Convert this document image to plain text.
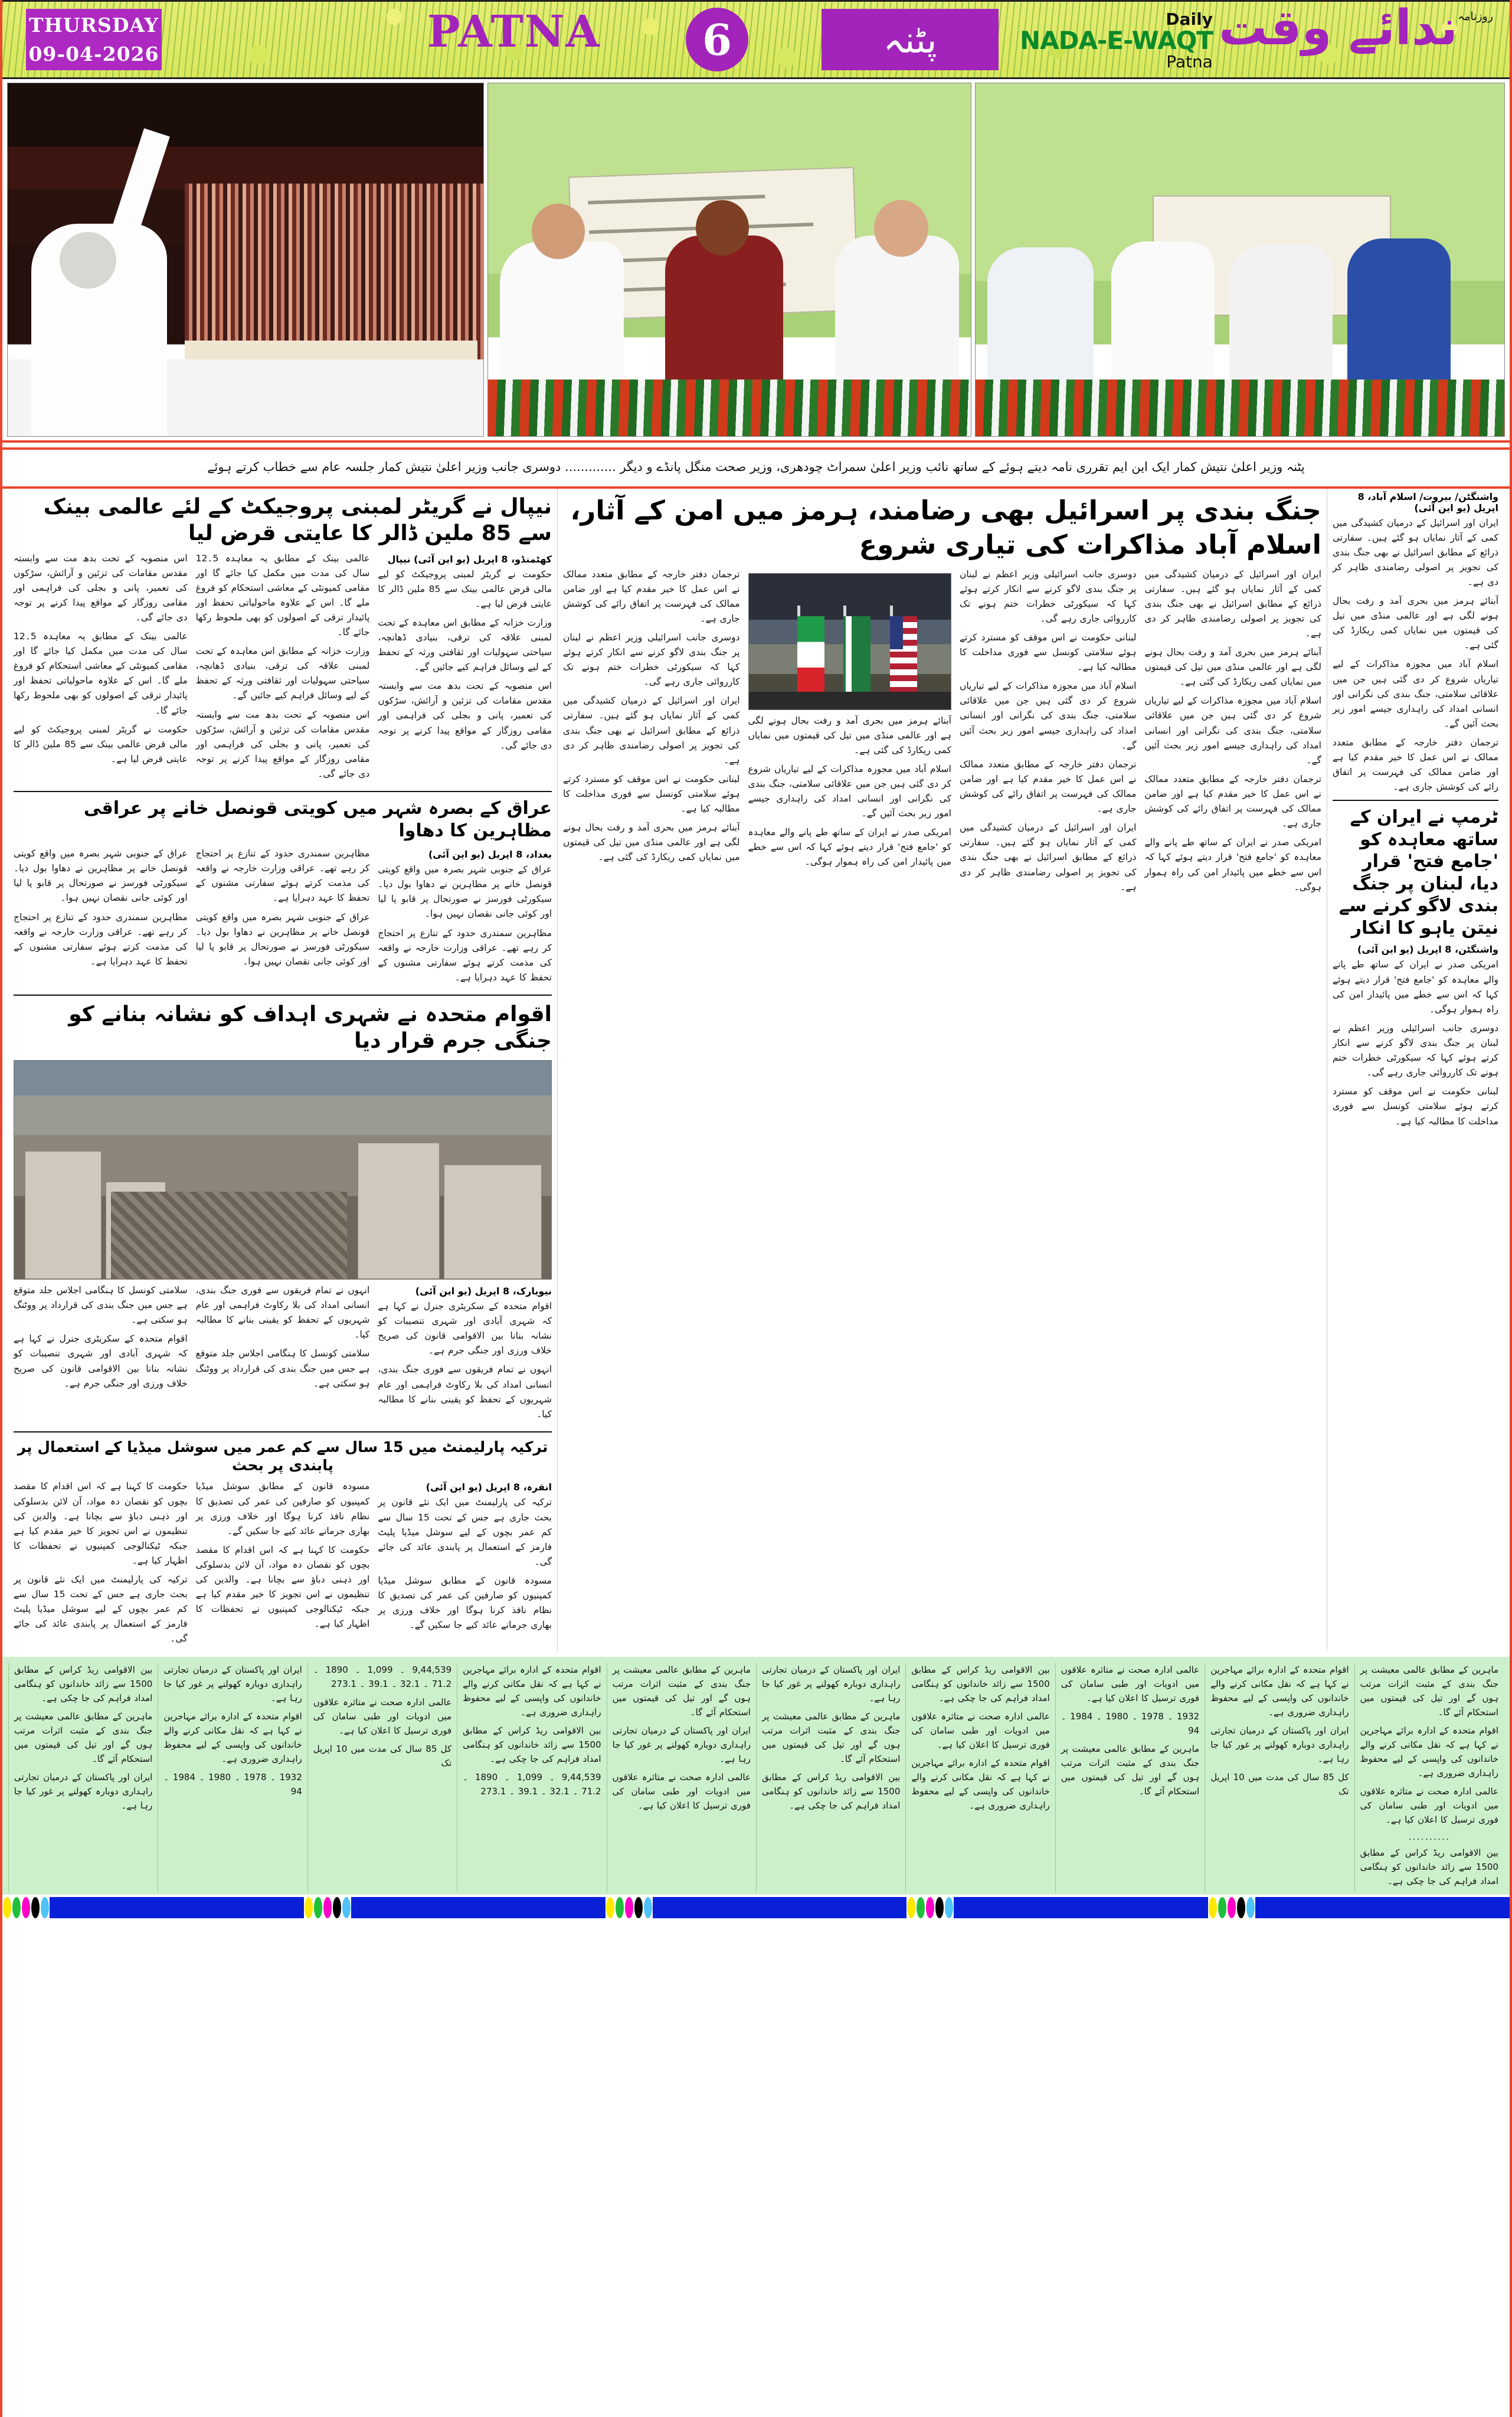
THURSDAY
09-04-2026	PATNA	6	پٹنہ	Daily
NADA-E-WAQT
Patna
ندائے وقت روزنامہ
پٹنہ وزیر اعلیٰ نتیش کمار ایک این ایم تقرری نامہ دیتے ہوئے کے ساتھ نائب وزیر اعلیٰ سمراٹ چودھری، وزیر صحت منگل پانڈے و دیگر ............. دوسری جانب وزیر اعلیٰ نتیش کمار جلسہ عام سے خطاب کرتے ہوئے
واشنگٹن/ بیروت/ اسلام آباد، 8 اپریل (یو این آئی)

ایران اور اسرائیل کے درمیان کشیدگی میں کمی کے آثار نمایاں ہو گئے ہیں۔ سفارتی ذرائع کے مطابق اسرائیل نے بھی جنگ بندی کی تجویز پر اصولی رضامندی ظاہر کر دی ہے۔

آبنائے ہرمز میں بحری آمد و رفت بحال ہونے لگی ہے اور عالمی منڈی میں تیل کی قیمتوں میں نمایاں کمی ریکارڈ کی گئی ہے۔

اسلام آباد میں مجوزہ مذاکرات کے لیے تیاریاں شروع کر دی گئی ہیں جن میں علاقائی سلامتی، جنگ بندی کی نگرانی اور انسانی امداد کی راہداری جیسے امور زیر بحث آئیں گے۔

ترجمان دفتر خارجہ کے مطابق متعدد ممالک نے اس عمل کا خیر مقدم کیا ہے اور ضامن ممالک کی فہرست پر اتفاق رائے کی کوشش جاری ہے۔

ٹرمپ نے ایران کے ساتھ معاہدہ کو 'جامع فتح' قرار دیا، لبنان پر جنگ بندی لاگو کرنے سے نیتن یاہو کا انکار
واشنگٹن، 8 اپریل (یو این آئی)

امریکی صدر نے ایران کے ساتھ طے پانے والے معاہدہ کو 'جامع فتح' قرار دیتے ہوئے کہا کہ اس سے خطے میں پائیدار امن کی راہ ہموار ہوگی۔

دوسری جانب اسرائیلی وزیر اعظم نے لبنان پر جنگ بندی لاگو کرنے سے انکار کرتے ہوئے کہا کہ سیکورٹی خطرات ختم ہونے تک کارروائی جاری رہے گی۔

لبنانی حکومت نے اس موقف کو مسترد کرتے ہوئے سلامتی کونسل سے فوری مداخلت کا مطالبہ کیا ہے۔

جنگ بندی پر اسرائیل بھی رضامند، ہرمز میں امن کے آثار، اسلام آباد مذاکرات کی تیاری شروع

ایران اور اسرائیل کے درمیان کشیدگی میں کمی کے آثار نمایاں ہو گئے ہیں۔ سفارتی ذرائع کے مطابق اسرائیل نے بھی جنگ بندی کی تجویز پر اصولی رضامندی ظاہر کر دی ہے۔

آبنائے ہرمز میں بحری آمد و رفت بحال ہونے لگی ہے اور عالمی منڈی میں تیل کی قیمتوں میں نمایاں کمی ریکارڈ کی گئی ہے۔

اسلام آباد میں مجوزہ مذاکرات کے لیے تیاریاں شروع کر دی گئی ہیں جن میں علاقائی سلامتی، جنگ بندی کی نگرانی اور انسانی امداد کی راہداری جیسے امور زیر بحث آئیں گے۔

ترجمان دفتر خارجہ کے مطابق متعدد ممالک نے اس عمل کا خیر مقدم کیا ہے اور ضامن ممالک کی فہرست پر اتفاق رائے کی کوشش جاری ہے۔

امریکی صدر نے ایران کے ساتھ طے پانے والے معاہدہ کو 'جامع فتح' قرار دیتے ہوئے کہا کہ اس سے خطے میں پائیدار امن کی راہ ہموار ہوگی۔

دوسری جانب اسرائیلی وزیر اعظم نے لبنان پر جنگ بندی لاگو کرنے سے انکار کرتے ہوئے کہا کہ سیکورٹی خطرات ختم ہونے تک کارروائی جاری رہے گی۔

لبنانی حکومت نے اس موقف کو مسترد کرتے ہوئے سلامتی کونسل سے فوری مداخلت کا مطالبہ کیا ہے۔

اسلام آباد میں مجوزہ مذاکرات کے لیے تیاریاں شروع کر دی گئی ہیں جن میں علاقائی سلامتی، جنگ بندی کی نگرانی اور انسانی امداد کی راہداری جیسے امور زیر بحث آئیں گے۔

ترجمان دفتر خارجہ کے مطابق متعدد ممالک نے اس عمل کا خیر مقدم کیا ہے اور ضامن ممالک کی فہرست پر اتفاق رائے کی کوشش جاری ہے۔

ایران اور اسرائیل کے درمیان کشیدگی میں کمی کے آثار نمایاں ہو گئے ہیں۔ سفارتی ذرائع کے مطابق اسرائیل نے بھی جنگ بندی کی تجویز پر اصولی رضامندی ظاہر کر دی ہے۔

آبنائے ہرمز میں بحری آمد و رفت بحال ہونے لگی ہے اور عالمی منڈی میں تیل کی قیمتوں میں نمایاں کمی ریکارڈ کی گئی ہے۔

اسلام آباد میں مجوزہ مذاکرات کے لیے تیاریاں شروع کر دی گئی ہیں جن میں علاقائی سلامتی، جنگ بندی کی نگرانی اور انسانی امداد کی راہداری جیسے امور زیر بحث آئیں گے۔

امریکی صدر نے ایران کے ساتھ طے پانے والے معاہدہ کو 'جامع فتح' قرار دیتے ہوئے کہا کہ اس سے خطے میں پائیدار امن کی راہ ہموار ہوگی۔

ترجمان دفتر خارجہ کے مطابق متعدد ممالک نے اس عمل کا خیر مقدم کیا ہے اور ضامن ممالک کی فہرست پر اتفاق رائے کی کوشش جاری ہے۔

دوسری جانب اسرائیلی وزیر اعظم نے لبنان پر جنگ بندی لاگو کرنے سے انکار کرتے ہوئے کہا کہ سیکورٹی خطرات ختم ہونے تک کارروائی جاری رہے گی۔

ایران اور اسرائیل کے درمیان کشیدگی میں کمی کے آثار نمایاں ہو گئے ہیں۔ سفارتی ذرائع کے مطابق اسرائیل نے بھی جنگ بندی کی تجویز پر اصولی رضامندی ظاہر کر دی ہے۔

لبنانی حکومت نے اس موقف کو مسترد کرتے ہوئے سلامتی کونسل سے فوری مداخلت کا مطالبہ کیا ہے۔

آبنائے ہرمز میں بحری آمد و رفت بحال ہونے لگی ہے اور عالمی منڈی میں تیل کی قیمتوں میں نمایاں کمی ریکارڈ کی گئی ہے۔

نیپال نے گریٹر لمبنی پروجیکٹ کے لئے عالمی بینک سے 85 ملین ڈالر کا عایتی قرض لیا
کھٹمنڈو، 8 اپریل (یو این آئی) نیپال

حکومت نے گریٹر لمبنی پروجیکٹ کو لیے مالی قرض عالمی بینک سے 85 ملین ڈالر کا عایتی قرض لیا ہے۔

وزارت خزانہ کے مطابق اس معاہدہ کے تحت لمبنی علاقہ کی ترقی، بنیادی ڈھانچہ، سیاحتی سہولیات اور ثقافتی ورثہ کے تحفظ کے لیے وسائل فراہم کیے جائیں گے۔

اس منصوبہ کے تحت بدھ مت سے وابستہ مقدس مقامات کی تزئین و آرائش، سڑکوں کی تعمیر، پانی و بجلی کی فراہمی اور مقامی روزگار کے مواقع پیدا کرنے پر توجہ دی جائے گی۔

عالمی بینک کے مطابق یہ معاہدہ 5۔12 سال کی مدت میں مکمل کیا جائے گا اور مقامی کمیونٹی کے معاشی استحکام کو فروغ ملے گا۔ اس کے علاوہ ماحولیاتی تحفظ اور پائیدار ترقی کے اصولوں کو بھی ملحوظ رکھا جائے گا۔

وزارت خزانہ کے مطابق اس معاہدہ کے تحت لمبنی علاقہ کی ترقی، بنیادی ڈھانچہ، سیاحتی سہولیات اور ثقافتی ورثہ کے تحفظ کے لیے وسائل فراہم کیے جائیں گے۔

اس منصوبہ کے تحت بدھ مت سے وابستہ مقدس مقامات کی تزئین و آرائش، سڑکوں کی تعمیر، پانی و بجلی کی فراہمی اور مقامی روزگار کے مواقع پیدا کرنے پر توجہ دی جائے گی۔

اس منصوبہ کے تحت بدھ مت سے وابستہ مقدس مقامات کی تزئین و آرائش، سڑکوں کی تعمیر، پانی و بجلی کی فراہمی اور مقامی روزگار کے مواقع پیدا کرنے پر توجہ دی جائے گی۔

عالمی بینک کے مطابق یہ معاہدہ 5۔12 سال کی مدت میں مکمل کیا جائے گا اور مقامی کمیونٹی کے معاشی استحکام کو فروغ ملے گا۔ اس کے علاوہ ماحولیاتی تحفظ اور پائیدار ترقی کے اصولوں کو بھی ملحوظ رکھا جائے گا۔

حکومت نے گریٹر لمبنی پروجیکٹ کو لیے مالی قرض عالمی بینک سے 85 ملین ڈالر کا عایتی قرض لیا ہے۔

عراق کے بصرہ شہر میں کویتی قونصل خانے پر عراقی مظاہرین کا دھاوا
بغداد، 8 اپریل (یو این آئی)

عراق کے جنوبی شہر بصرہ میں واقع کویتی قونصل خانے پر مظاہرین نے دھاوا بول دیا۔ سیکورٹی فورسز نے صورتحال پر قابو پا لیا اور کوئی جانی نقصان نہیں ہوا۔

مظاہرین سمندری حدود کے تنازع پر احتجاج کر رہے تھے۔ عراقی وزارت خارجہ نے واقعہ کی مذمت کرتے ہوئے سفارتی مشنوں کے تحفظ کا عہد دہرایا ہے۔

مظاہرین سمندری حدود کے تنازع پر احتجاج کر رہے تھے۔ عراقی وزارت خارجہ نے واقعہ کی مذمت کرتے ہوئے سفارتی مشنوں کے تحفظ کا عہد دہرایا ہے۔

عراق کے جنوبی شہر بصرہ میں واقع کویتی قونصل خانے پر مظاہرین نے دھاوا بول دیا۔ سیکورٹی فورسز نے صورتحال پر قابو پا لیا اور کوئی جانی نقصان نہیں ہوا۔

عراق کے جنوبی شہر بصرہ میں واقع کویتی قونصل خانے پر مظاہرین نے دھاوا بول دیا۔ سیکورٹی فورسز نے صورتحال پر قابو پا لیا اور کوئی جانی نقصان نہیں ہوا۔

مظاہرین سمندری حدود کے تنازع پر احتجاج کر رہے تھے۔ عراقی وزارت خارجہ نے واقعہ کی مذمت کرتے ہوئے سفارتی مشنوں کے تحفظ کا عہد دہرایا ہے۔

اقوام متحدہ نے شہری اہداف کو نشانہ بنانے کو جنگی جرم قرار دیا
نیویارک، 8 اپریل (یو این آئی)

اقوام متحدہ کے سکریٹری جنرل نے کہا ہے کہ شہری آبادی اور شہری تنصیبات کو نشانہ بنانا بین الاقوامی قانون کی صریح خلاف ورزی اور جنگی جرم ہے۔

انہوں نے تمام فریقوں سے فوری جنگ بندی، انسانی امداد کی بلا رکاوٹ فراہمی اور عام شہریوں کے تحفظ کو یقینی بنانے کا مطالبہ کیا۔

انہوں نے تمام فریقوں سے فوری جنگ بندی، انسانی امداد کی بلا رکاوٹ فراہمی اور عام شہریوں کے تحفظ کو یقینی بنانے کا مطالبہ کیا۔

سلامتی کونسل کا ہنگامی اجلاس جلد متوقع ہے جس میں جنگ بندی کی قرارداد پر ووٹنگ ہو سکتی ہے۔

سلامتی کونسل کا ہنگامی اجلاس جلد متوقع ہے جس میں جنگ بندی کی قرارداد پر ووٹنگ ہو سکتی ہے۔

اقوام متحدہ کے سکریٹری جنرل نے کہا ہے کہ شہری آبادی اور شہری تنصیبات کو نشانہ بنانا بین الاقوامی قانون کی صریح خلاف ورزی اور جنگی جرم ہے۔

ترکیہ پارلیمنٹ میں 15 سال سے کم عمر میں سوشل میڈیا کے استعمال پر پابندی پر بحث
انقرہ، 8 اپریل (یو این آئی)

ترکیہ کی پارلیمنٹ میں ایک نئے قانون پر بحث جاری ہے جس کے تحت 15 سال سے کم عمر بچوں کے لیے سوشل میڈیا پلیٹ فارمز کے استعمال پر پابندی عائد کی جائے گی۔

مسودہ قانون کے مطابق سوشل میڈیا کمپنیوں کو صارفین کی عمر کی تصدیق کا نظام نافذ کرنا ہوگا اور خلاف ورزی پر بھاری جرمانے عائد کیے جا سکیں گے۔

مسودہ قانون کے مطابق سوشل میڈیا کمپنیوں کو صارفین کی عمر کی تصدیق کا نظام نافذ کرنا ہوگا اور خلاف ورزی پر بھاری جرمانے عائد کیے جا سکیں گے۔

حکومت کا کہنا ہے کہ اس اقدام کا مقصد بچوں کو نقصان دہ مواد، آن لائن بدسلوکی اور ذہنی دباؤ سے بچانا ہے۔ والدین کی تنظیموں نے اس تجویز کا خیر مقدم کیا ہے جبکہ ٹیکنالوجی کمپنیوں نے تحفظات کا اظہار کیا ہے۔

حکومت کا کہنا ہے کہ اس اقدام کا مقصد بچوں کو نقصان دہ مواد، آن لائن بدسلوکی اور ذہنی دباؤ سے بچانا ہے۔ والدین کی تنظیموں نے اس تجویز کا خیر مقدم کیا ہے جبکہ ٹیکنالوجی کمپنیوں نے تحفظات کا اظہار کیا ہے۔

ترکیہ کی پارلیمنٹ میں ایک نئے قانون پر بحث جاری ہے جس کے تحت 15 سال سے کم عمر بچوں کے لیے سوشل میڈیا پلیٹ فارمز کے استعمال پر پابندی عائد کی جائے گی۔

ماہرین کے مطابق عالمی معیشت پر جنگ بندی کے مثبت اثرات مرتب ہوں گے اور تیل کی قیمتوں میں استحکام آئے گا۔

اقوام متحدہ کے ادارہ برائے مہاجرین نے کہا ہے کہ نقل مکانی کرنے والے خاندانوں کی واپسی کے لیے محفوظ راہداری ضروری ہے۔

عالمی ادارہ صحت نے متاثرہ علاقوں میں ادویات اور طبی سامان کی فوری ترسیل کا اعلان کیا ہے۔

..........

بین الاقوامی ریڈ کراس کے مطابق 1500 سے زائد خاندانوں کو ہنگامی امداد فراہم کی جا چکی ہے۔

اقوام متحدہ کے ادارہ برائے مہاجرین نے کہا ہے کہ نقل مکانی کرنے والے خاندانوں کی واپسی کے لیے محفوظ راہداری ضروری ہے۔

ایران اور پاکستان کے درمیان تجارتی راہداری دوبارہ کھولنے پر غور کیا جا رہا ہے۔

کل 85 سال کی مدت میں 10 اپریل تک

عالمی ادارہ صحت نے متاثرہ علاقوں میں ادویات اور طبی سامان کی فوری ترسیل کا اعلان کیا ہے۔

1932 ۔ 1978 ۔ 1980 ۔ 1984 ۔ 94

ماہرین کے مطابق عالمی معیشت پر جنگ بندی کے مثبت اثرات مرتب ہوں گے اور تیل کی قیمتوں میں استحکام آئے گا۔

بین الاقوامی ریڈ کراس کے مطابق 1500 سے زائد خاندانوں کو ہنگامی امداد فراہم کی جا چکی ہے۔

عالمی ادارہ صحت نے متاثرہ علاقوں میں ادویات اور طبی سامان کی فوری ترسیل کا اعلان کیا ہے۔

اقوام متحدہ کے ادارہ برائے مہاجرین نے کہا ہے کہ نقل مکانی کرنے والے خاندانوں کی واپسی کے لیے محفوظ راہداری ضروری ہے۔

ایران اور پاکستان کے درمیان تجارتی راہداری دوبارہ کھولنے پر غور کیا جا رہا ہے۔

ماہرین کے مطابق عالمی معیشت پر جنگ بندی کے مثبت اثرات مرتب ہوں گے اور تیل کی قیمتوں میں استحکام آئے گا۔

بین الاقوامی ریڈ کراس کے مطابق 1500 سے زائد خاندانوں کو ہنگامی امداد فراہم کی جا چکی ہے۔

ماہرین کے مطابق عالمی معیشت پر جنگ بندی کے مثبت اثرات مرتب ہوں گے اور تیل کی قیمتوں میں استحکام آئے گا۔

ایران اور پاکستان کے درمیان تجارتی راہداری دوبارہ کھولنے پر غور کیا جا رہا ہے۔

عالمی ادارہ صحت نے متاثرہ علاقوں میں ادویات اور طبی سامان کی فوری ترسیل کا اعلان کیا ہے۔

اقوام متحدہ کے ادارہ برائے مہاجرین نے کہا ہے کہ نقل مکانی کرنے والے خاندانوں کی واپسی کے لیے محفوظ راہداری ضروری ہے۔

بین الاقوامی ریڈ کراس کے مطابق 1500 سے زائد خاندانوں کو ہنگامی امداد فراہم کی جا چکی ہے۔

9,44,539 ۔ 1,099 ۔ 1890 ۔ 71.2 ۔ 32.1 ۔ 39.1 ۔ 273.1

9,44,539 ۔ 1,099 ۔ 1890 ۔ 71.2 ۔ 32.1 ۔ 39.1 ۔ 273.1

عالمی ادارہ صحت نے متاثرہ علاقوں میں ادویات اور طبی سامان کی فوری ترسیل کا اعلان کیا ہے۔

کل 85 سال کی مدت میں 10 اپریل تک

ایران اور پاکستان کے درمیان تجارتی راہداری دوبارہ کھولنے پر غور کیا جا رہا ہے۔

اقوام متحدہ کے ادارہ برائے مہاجرین نے کہا ہے کہ نقل مکانی کرنے والے خاندانوں کی واپسی کے لیے محفوظ راہداری ضروری ہے۔

1932 ۔ 1978 ۔ 1980 ۔ 1984 ۔ 94

بین الاقوامی ریڈ کراس کے مطابق 1500 سے زائد خاندانوں کو ہنگامی امداد فراہم کی جا چکی ہے۔

ماہرین کے مطابق عالمی معیشت پر جنگ بندی کے مثبت اثرات مرتب ہوں گے اور تیل کی قیمتوں میں استحکام آئے گا۔

ایران اور پاکستان کے درمیان تجارتی راہداری دوبارہ کھولنے پر غور کیا جا رہا ہے۔
